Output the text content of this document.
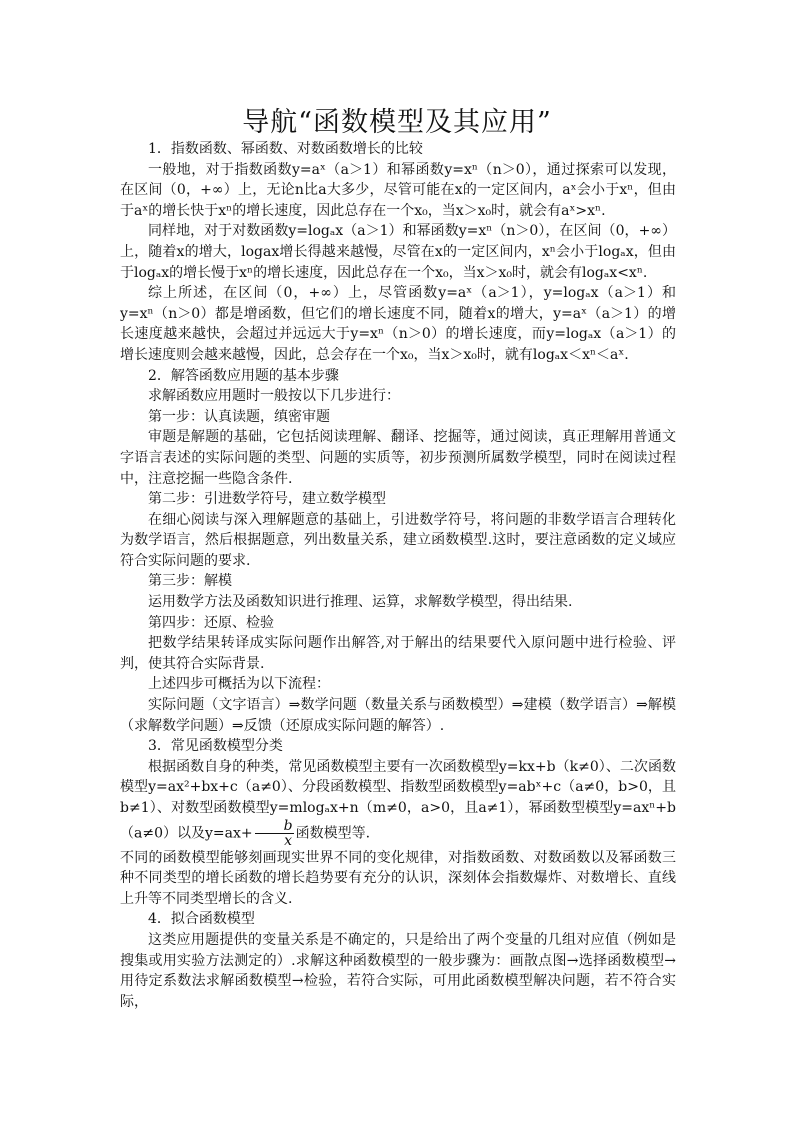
导航“函数模型及其应用”
1．指数函数、幂函数、对数函数增长的比较

一般地，对于指数函数y=aˣ（a＞1）和幂函数y=xⁿ（n＞0），通过探索可以发现，在区间（0，+∞）上，无论n比a大多少，尽管可能在x的一定区间内，aˣ会小于xⁿ，但由于aˣ的增长快于xⁿ的增长速度，因此总存在一个x₀，当x＞x₀时，就会有aˣ>xⁿ.

同样地，对于对数函数y=logₐx（a＞1）和幂函数y=xⁿ（n＞0），在区间（0，+∞）上，随着x的增大，logax增长得越来越慢，尽管在x的一定区间内，xⁿ会小于logₐx，但由于logₐx的增长慢于xⁿ的增长速度，因此总存在一个x₀，当x＞x₀时，就会有logₐx<xⁿ.

综上所述，在区间（0，+∞）上，尽管函数y=aˣ（a＞1），y=logₐx（a＞1）和y=xⁿ（n＞0）都是增函数，但它们的增长速度不同，随着x的增大，y=aˣ（a＞1）的增长速度越来越快，会超过并远远大于y=xⁿ（n＞0）的增长速度，而y=logₐx（a＞1）的增长速度则会越来越慢，因此，总会存在一个x₀，当x＞x₀时，就有logₐx＜xⁿ＜aˣ.

2．解答函数应用题的基本步骤

求解函数应用题时一般按以下几步进行：

第一步：认真读题，缜密审题

审题是解题的基础，它包括阅读理解、翻译、挖掘等，通过阅读，真正理解用普通文字语言表述的实际问题的类型、问题的实质等，初步预测所属数学模型，同时在阅读过程中，注意挖掘一些隐含条件.

第二步：引进数学符号，建立数学模型

在细心阅读与深入理解题意的基础上，引进数学符号，将问题的非数学语言合理转化为数学语言，然后根据题意，列出数量关系，建立函数模型.这时，要注意函数的定义域应符合实际问题的要求.

第三步：解模

运用数学方法及函数知识进行推理、运算，求解数学模型，得出结果.

第四步：还原、检验

把数学结果转译成实际问题作出解答,对于解出的结果要代入原问题中进行检验、评判，使其符合实际背景.

上述四步可概括为以下流程：

实际问题（文字语言）⇒数学问题（数量关系与函数模型）⇒建模（数学语言）⇒解模（求解数学问题）⇒反馈（还原成实际问题的解答）.

3．常见函数模型分类

根据函数自身的种类，常见函数模型主要有一次函数模型y=kx+b（k≠0）、二次函数模型y=ax²+bx+c（a≠0）、分段函数模型、指数型函数模型y=abˣ+c（a≠0，b>0，且b≠1）、对数型函数模型y=mlogₐx+n（m≠0，a>0，且a≠1），幂函数型模型y=axⁿ+b（a≠0）以及$y=ax+ \frac{b}{x}$ 函数模型等.

不同的函数模型能够刻画现实世界不同的变化规律，对指数函数、对数函数以及幂函数三种不同类型的增长函数的增长趋势要有充分的认识，深刻体会指数爆炸、对数增长、直线上升等不同类型增长的含义.

4．拟合函数模型

这类应用题提供的变量关系是不确定的，只是给出了两个变量的几组对应值（例如是搜集或用实验方法测定的）.求解这种函数模型的一般步骤为：画散点图→选择函数模型→用待定系数法求解函数模型→检验，若符合实际，可用此函数模型解决问题，若不符合实际，
